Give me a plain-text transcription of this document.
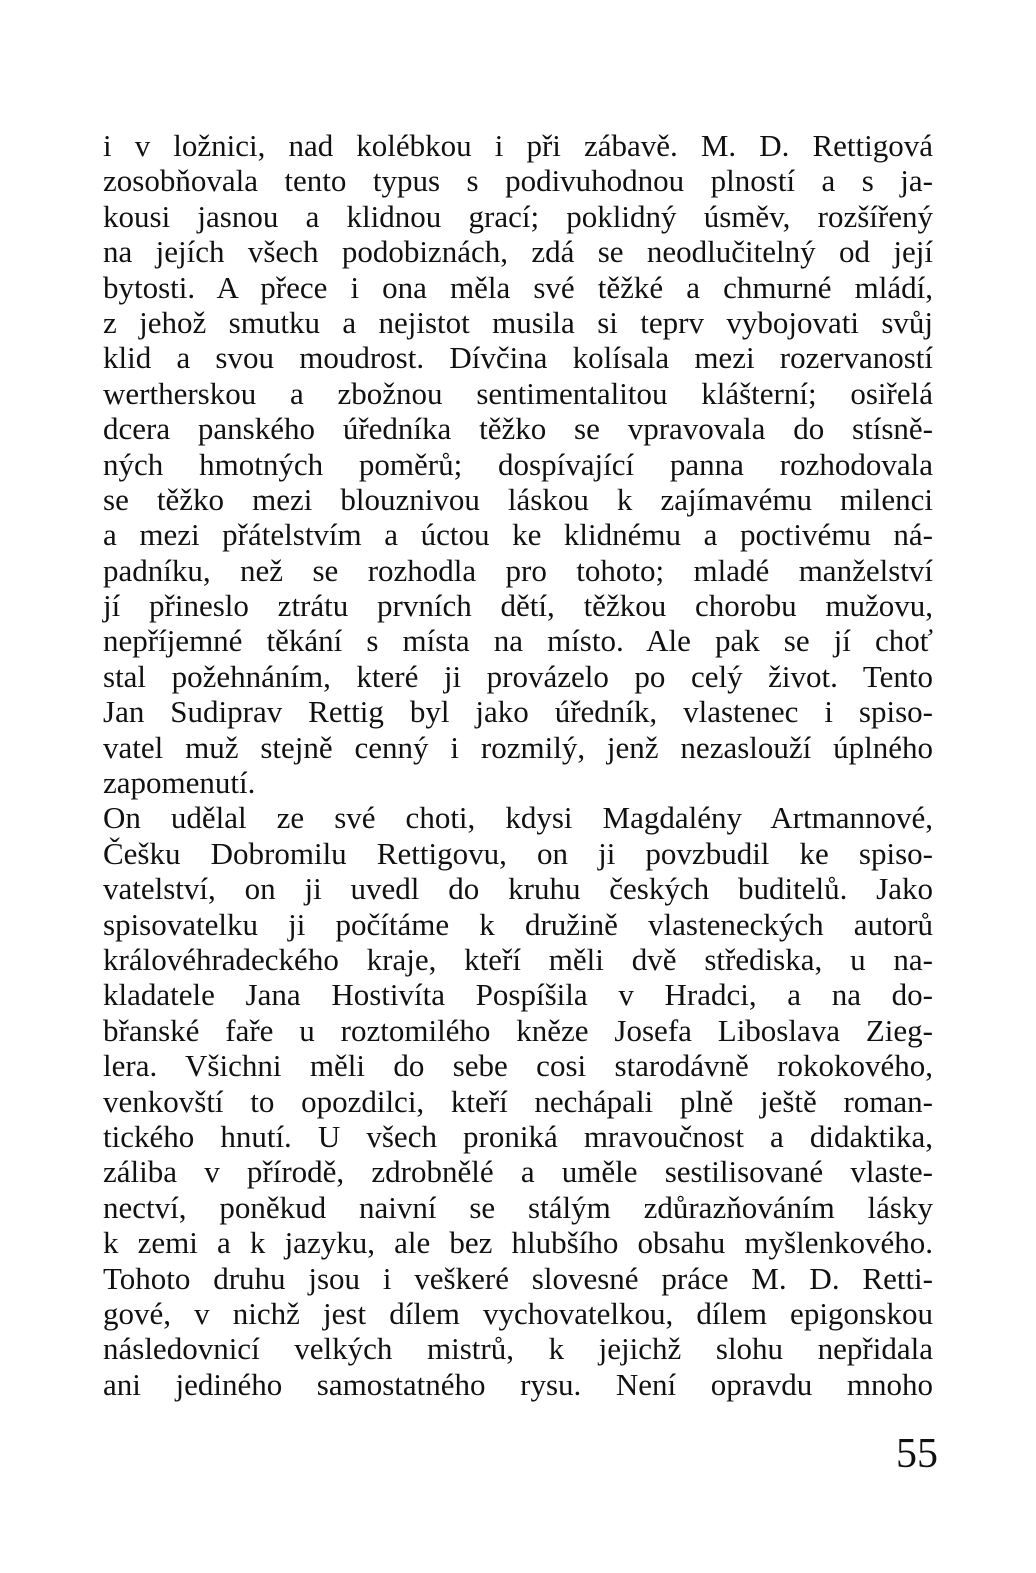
i v ložnici, nad kolébkou i při zábavě. M. D. Rettigová
zosobňovala tento typus s podivuhodnou plností a s ja-
kousi jasnou a klidnou grací; poklidný úsměv, rozšířený
na jejích všech podobiznách, zdá se neodlučitelný od její
bytosti. A přece i ona měla své těžké a chmurné mládí,
z jehož smutku a nejistot musila si teprv vybojovati svůj
klid a svou moudrost. Dívčina kolísala mezi rozervaností
wertherskou a zbožnou sentimentalitou klášterní; osiřelá
dcera panského úředníka těžko se vpravovala do stísně-
ných hmotných poměrů; dospívající panna rozhodovala
se těžko mezi blouznivou láskou k zajímavému milenci
a mezi přátelstvím a úctou ke klidnému a poctivému ná-
padníku, než se rozhodla pro tohoto; mladé manželství
jí přineslo ztrátu prvních dětí, těžkou chorobu mužovu,
nepříjemné těkání s místa na místo. Ale pak se jí choť
stal požehnáním, které ji provázelo po celý život. Tento
Jan Sudiprav Rettig byl jako úředník, vlastenec i spiso-
vatel muž stejně cenný i rozmilý, jenž nezaslouží úplného
zapomenutí.
On udělal ze své choti, kdysi Magdalény Artmannové,
Češku Dobromilu Rettigovu, on ji povzbudil ke spiso-
vatelství, on ji uvedl do kruhu českých buditelů. Jako
spisovatelku ji počítáme k družině vlasteneckých autorů
královéhradeckého kraje, kteří měli dvě střediska, u na-
kladatele Jana Hostivíta Pospíšila v Hradci, a na do-
břanské faře u roztomilého kněze Josefa Liboslava Zieg-
lera. Všichni měli do sebe cosi starodávně rokokového,
venkovští to opozdilci, kteří nechápali plně ještě roman-
tického hnutí. U všech proniká mravoučnost a didaktika,
záliba v přírodě, zdrobnělé a uměle sestilisované vlaste-
nectví, poněkud naivní se stálým zdůrazňováním lásky
k zemi a k jazyku, ale bez hlubšího obsahu myšlenkového.
Tohoto druhu jsou i veškeré slovesné práce M. D. Retti-
gové, v nichž jest dílem vychovatelkou, dílem epigonskou
následovnicí velkých mistrů, k jejichž slohu nepřidala
ani jediného samostatného rysu. Není opravdu mnoho
55
